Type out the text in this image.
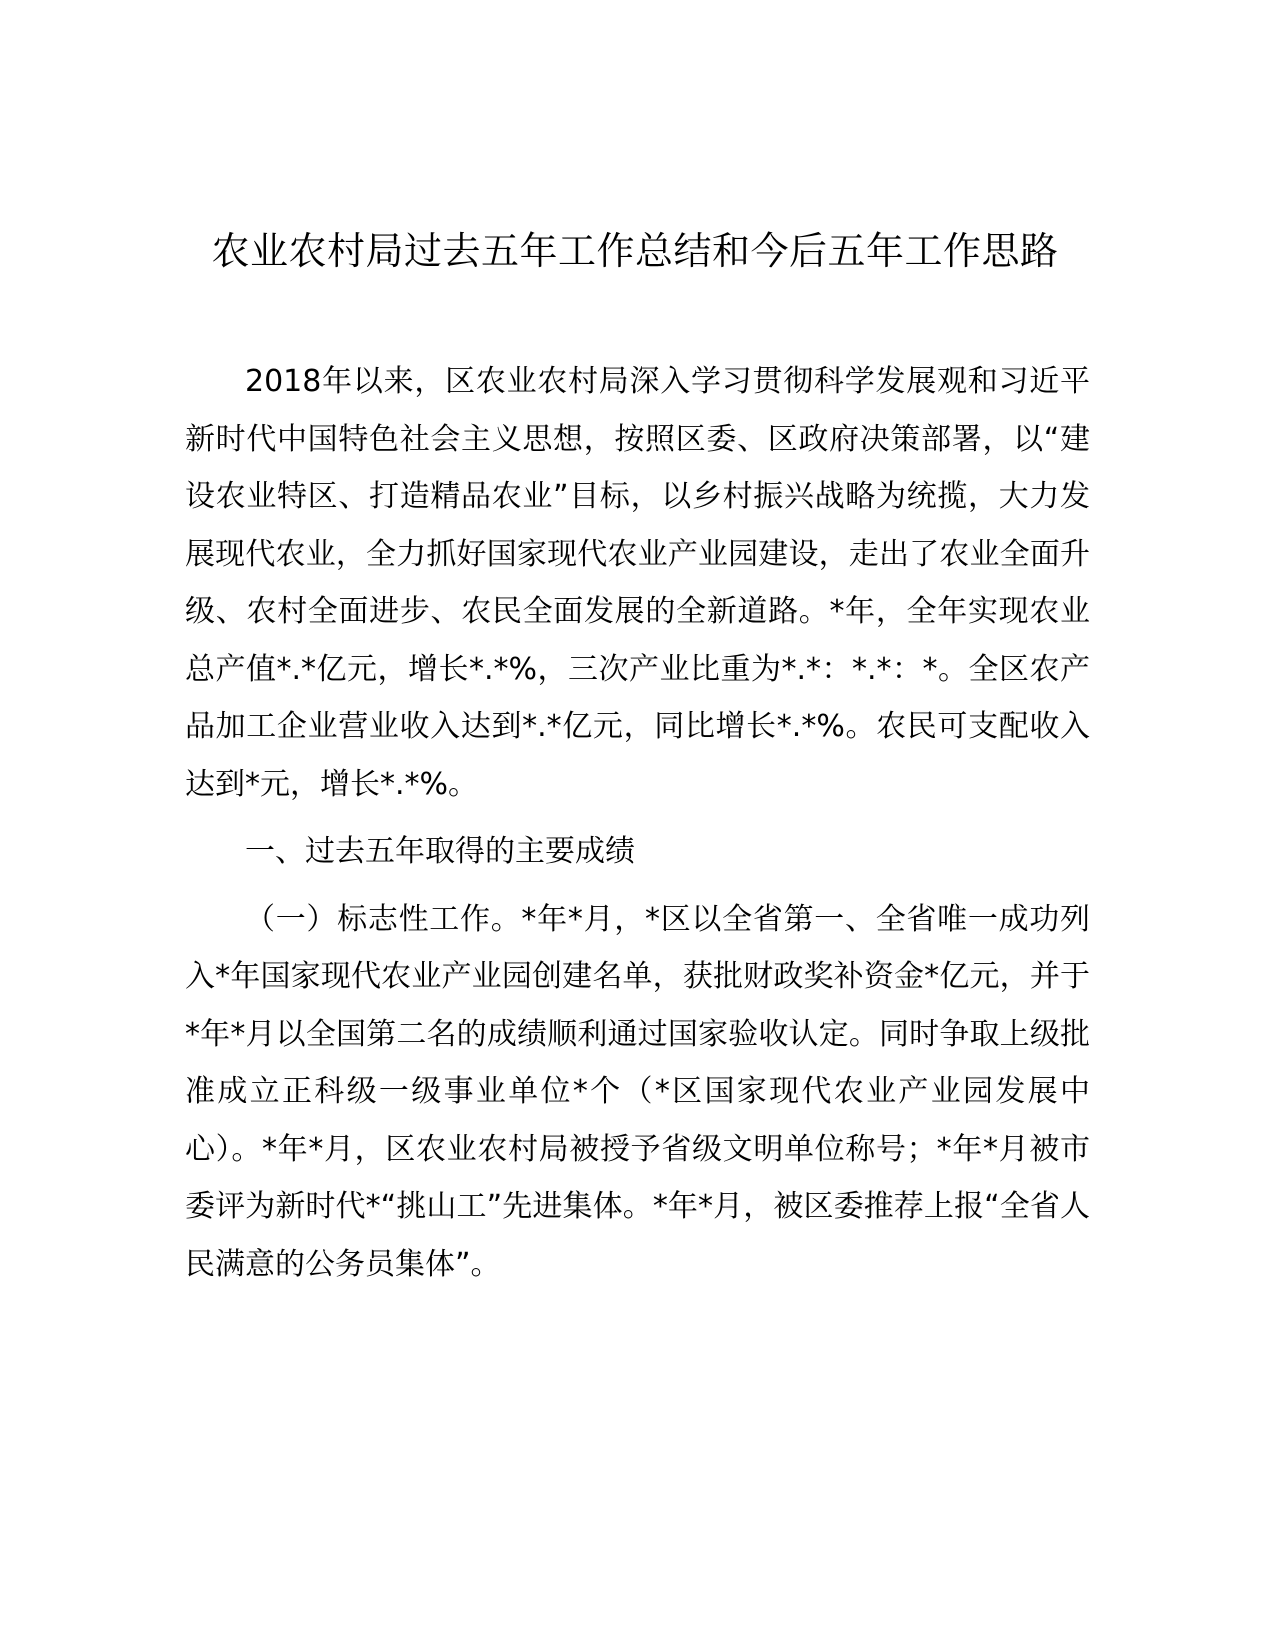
农业农村局过去五年工作总结和今后五年工作思路

2018年以来，区农业农村局深入学习贯彻科学发展观和习近平新时代中国特色社会主义思想，按照区委、区政府决策部署，以“建设农业特区、打造精品农业”目标，以乡村振兴战略为统揽，大力发展现代农业，全力抓好国家现代农业产业园建设，走出了农业全面升级、农村全面进步、农民全面发展的全新道路。*年，全年实现农业总产值*.*亿元，增长*.*%，三次产业比重为*.*：*.*：*。全区农产品加工企业营业收入达到*.*亿元，同比增长*.*%。农民可支配收入达到*元，增长*.*%。

一、过去五年取得的主要成绩

（一）标志性工作。*年*月，*区以全省第一、全省唯一成功列入*年国家现代农业产业园创建名单，获批财政奖补资金*亿元，并于*年*月以全国第二名的成绩顺利通过国家验收认定。同时争取上级批准成立正科级一级事业单位*个（*区国家现代农业产业园发展中心）。*年*月，区农业农村局被授予省级文明单位称号；*年*月被市委评为新时代*“挑山工”先进集体。*年*月，被区委推荐上报“全省人民满意的公务员集体”。
